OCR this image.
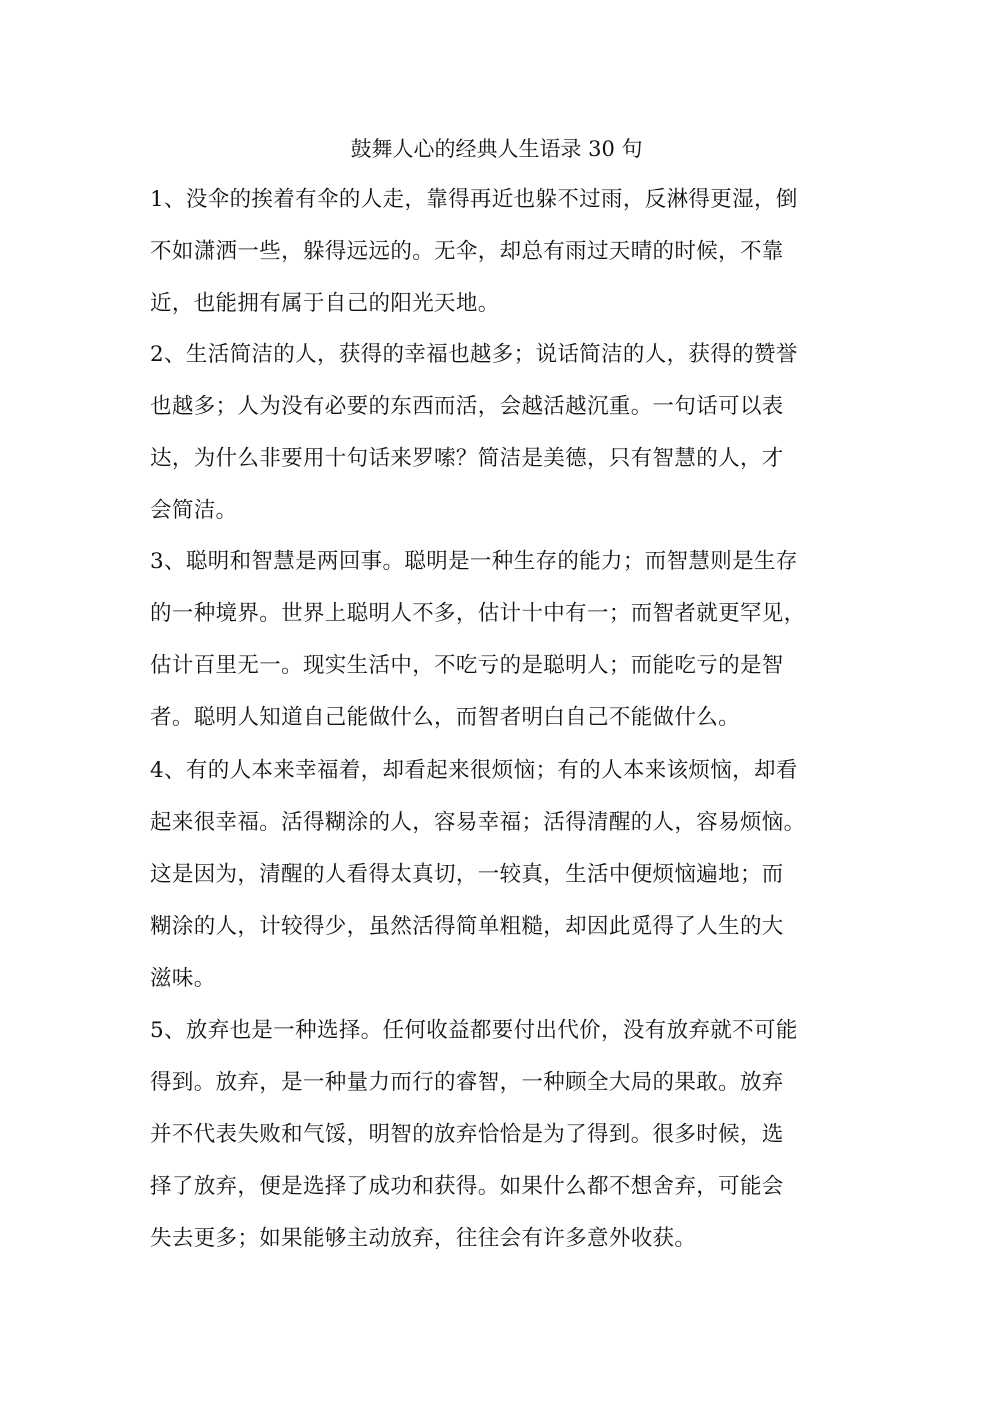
鼓舞人心的经典人生语录 30 句
1、没伞的挨着有伞的人走，靠得再近也躲不过雨，反淋得更湿，倒
不如潇洒一些，躲得远远的。无伞，却总有雨过天晴的时候，不靠
近，也能拥有属于自己的阳光天地。
2、生活简洁的人，获得的幸福也越多；说话简洁的人，获得的赞誉
也越多；人为没有必要的东西而活，会越活越沉重。一句话可以表
达，为什么非要用十句话来罗嗦？简洁是美德，只有智慧的人，才
会简洁。
3、聪明和智慧是两回事。聪明是一种生存的能力；而智慧则是生存
的一种境界。世界上聪明人不多，估计十中有一；而智者就更罕见，
估计百里无一。现实生活中，不吃亏的是聪明人；而能吃亏的是智
者。聪明人知道自己能做什么，而智者明白自己不能做什么。
4、有的人本来幸福着，却看起来很烦恼；有的人本来该烦恼，却看
起来很幸福。活得糊涂的人，容易幸福；活得清醒的人，容易烦恼。
这是因为，清醒的人看得太真切，一较真，生活中便烦恼遍地；而
糊涂的人，计较得少，虽然活得简单粗糙，却因此觅得了人生的大
滋味。
5、放弃也是一种选择。任何收益都要付出代价，没有放弃就不可能
得到。放弃，是一种量力而行的睿智，一种顾全大局的果敢。放弃
并不代表失败和气馁，明智的放弃恰恰是为了得到。很多时候，选
择了放弃，便是选择了成功和获得。如果什么都不想舍弃，可能会
失去更多；如果能够主动放弃，往往会有许多意外收获。
